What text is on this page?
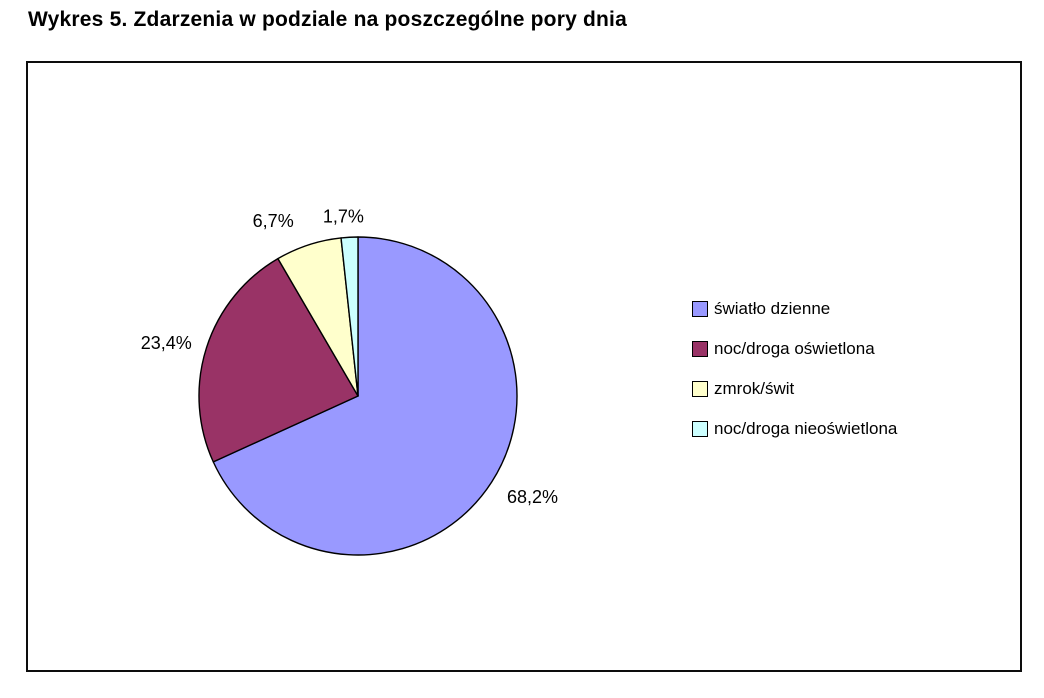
Wykres 5. Zdarzenia w podziale na poszczególne pory dnia
68,2%
23,4%
6,7% 1,7%
światło dzienne
noc/droga oświetlona
zmrok/świt
noc/droga nieoświetlona
